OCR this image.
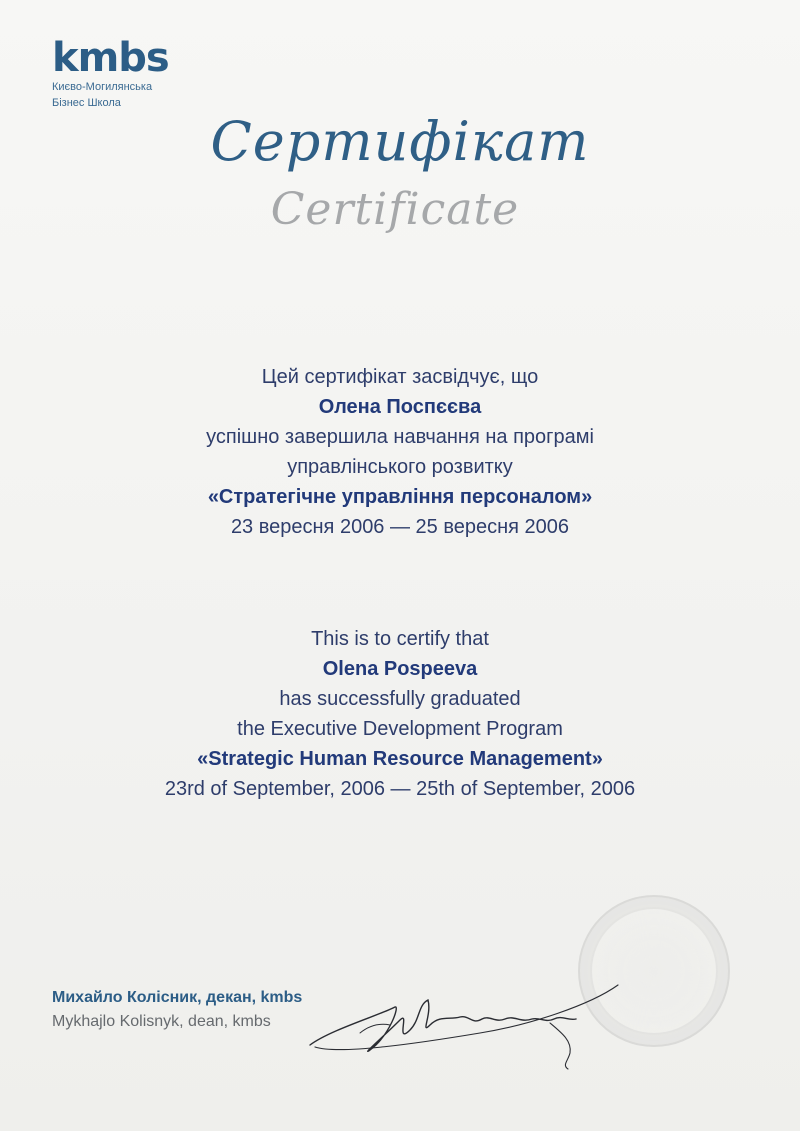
kmbs
Києво-Могилянська
Бізнес Школа
Сертифікат
Certificate
Цей сертифікат засвідчує, що
Олена Поспєєва
успішно завершила навчання на програмі
управлінського розвитку
«Стратегічне управління персоналом»
23 вересня 2006 — 25 вересня 2006
This is to certify that
Olena Pospeeva
has successfully graduated
the Executive Development Program
«Strategic Human Resource Management»
23rd of September, 2006 — 25th of September, 2006
Михайло Колісник, декан, kmbs
Mykhajlo Kolisnyk, dean, kmbs
